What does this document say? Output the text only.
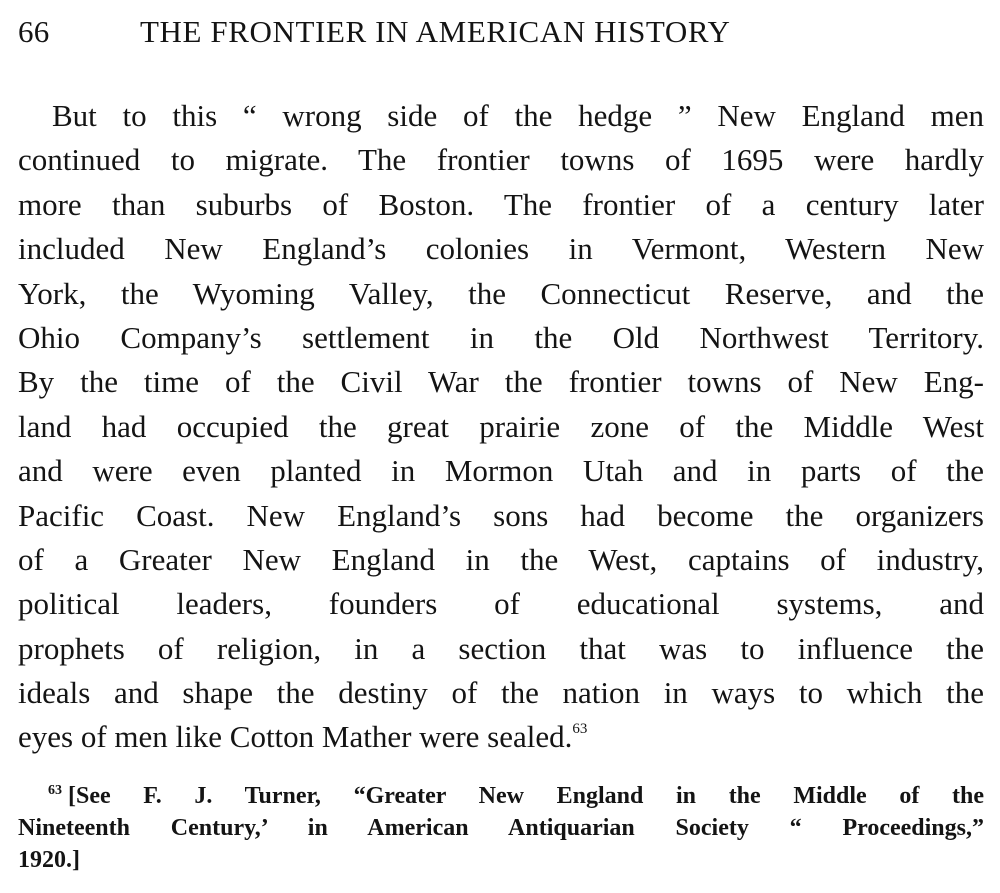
66	THE FRONTIER IN AMERICAN HISTORY
But to this “ wrong side of the hedge ” New England men
continued to migrate. The frontier towns of 1695 were hardly
more than suburbs of Boston. The frontier of a century later
included New England’s colonies in Vermont, Western New
York, the Wyoming Valley, the Connecticut Reserve, and the
Ohio Company’s settlement in the Old Northwest Territory.
By the time of the Civil War the frontier towns of New Eng-
land had occupied the great prairie zone of the Middle West
and were even planted in Mormon Utah and in parts of the
Pacific Coast. New England’s sons had become the organizers
of a Greater New England in the West, captains of industry,
political leaders, founders of educational systems, and
prophets of religion, in a section that was to influence the
ideals and shape the destiny of the nation in ways to which the
eyes of men like Cotton Mather were sealed.$^{63}$
$^{63}$ [See F. J. Turner, “Greater New England in the Middle of the
Nineteenth Century,’ in American Antiquarian Society “ Proceedings,”
1920.]
